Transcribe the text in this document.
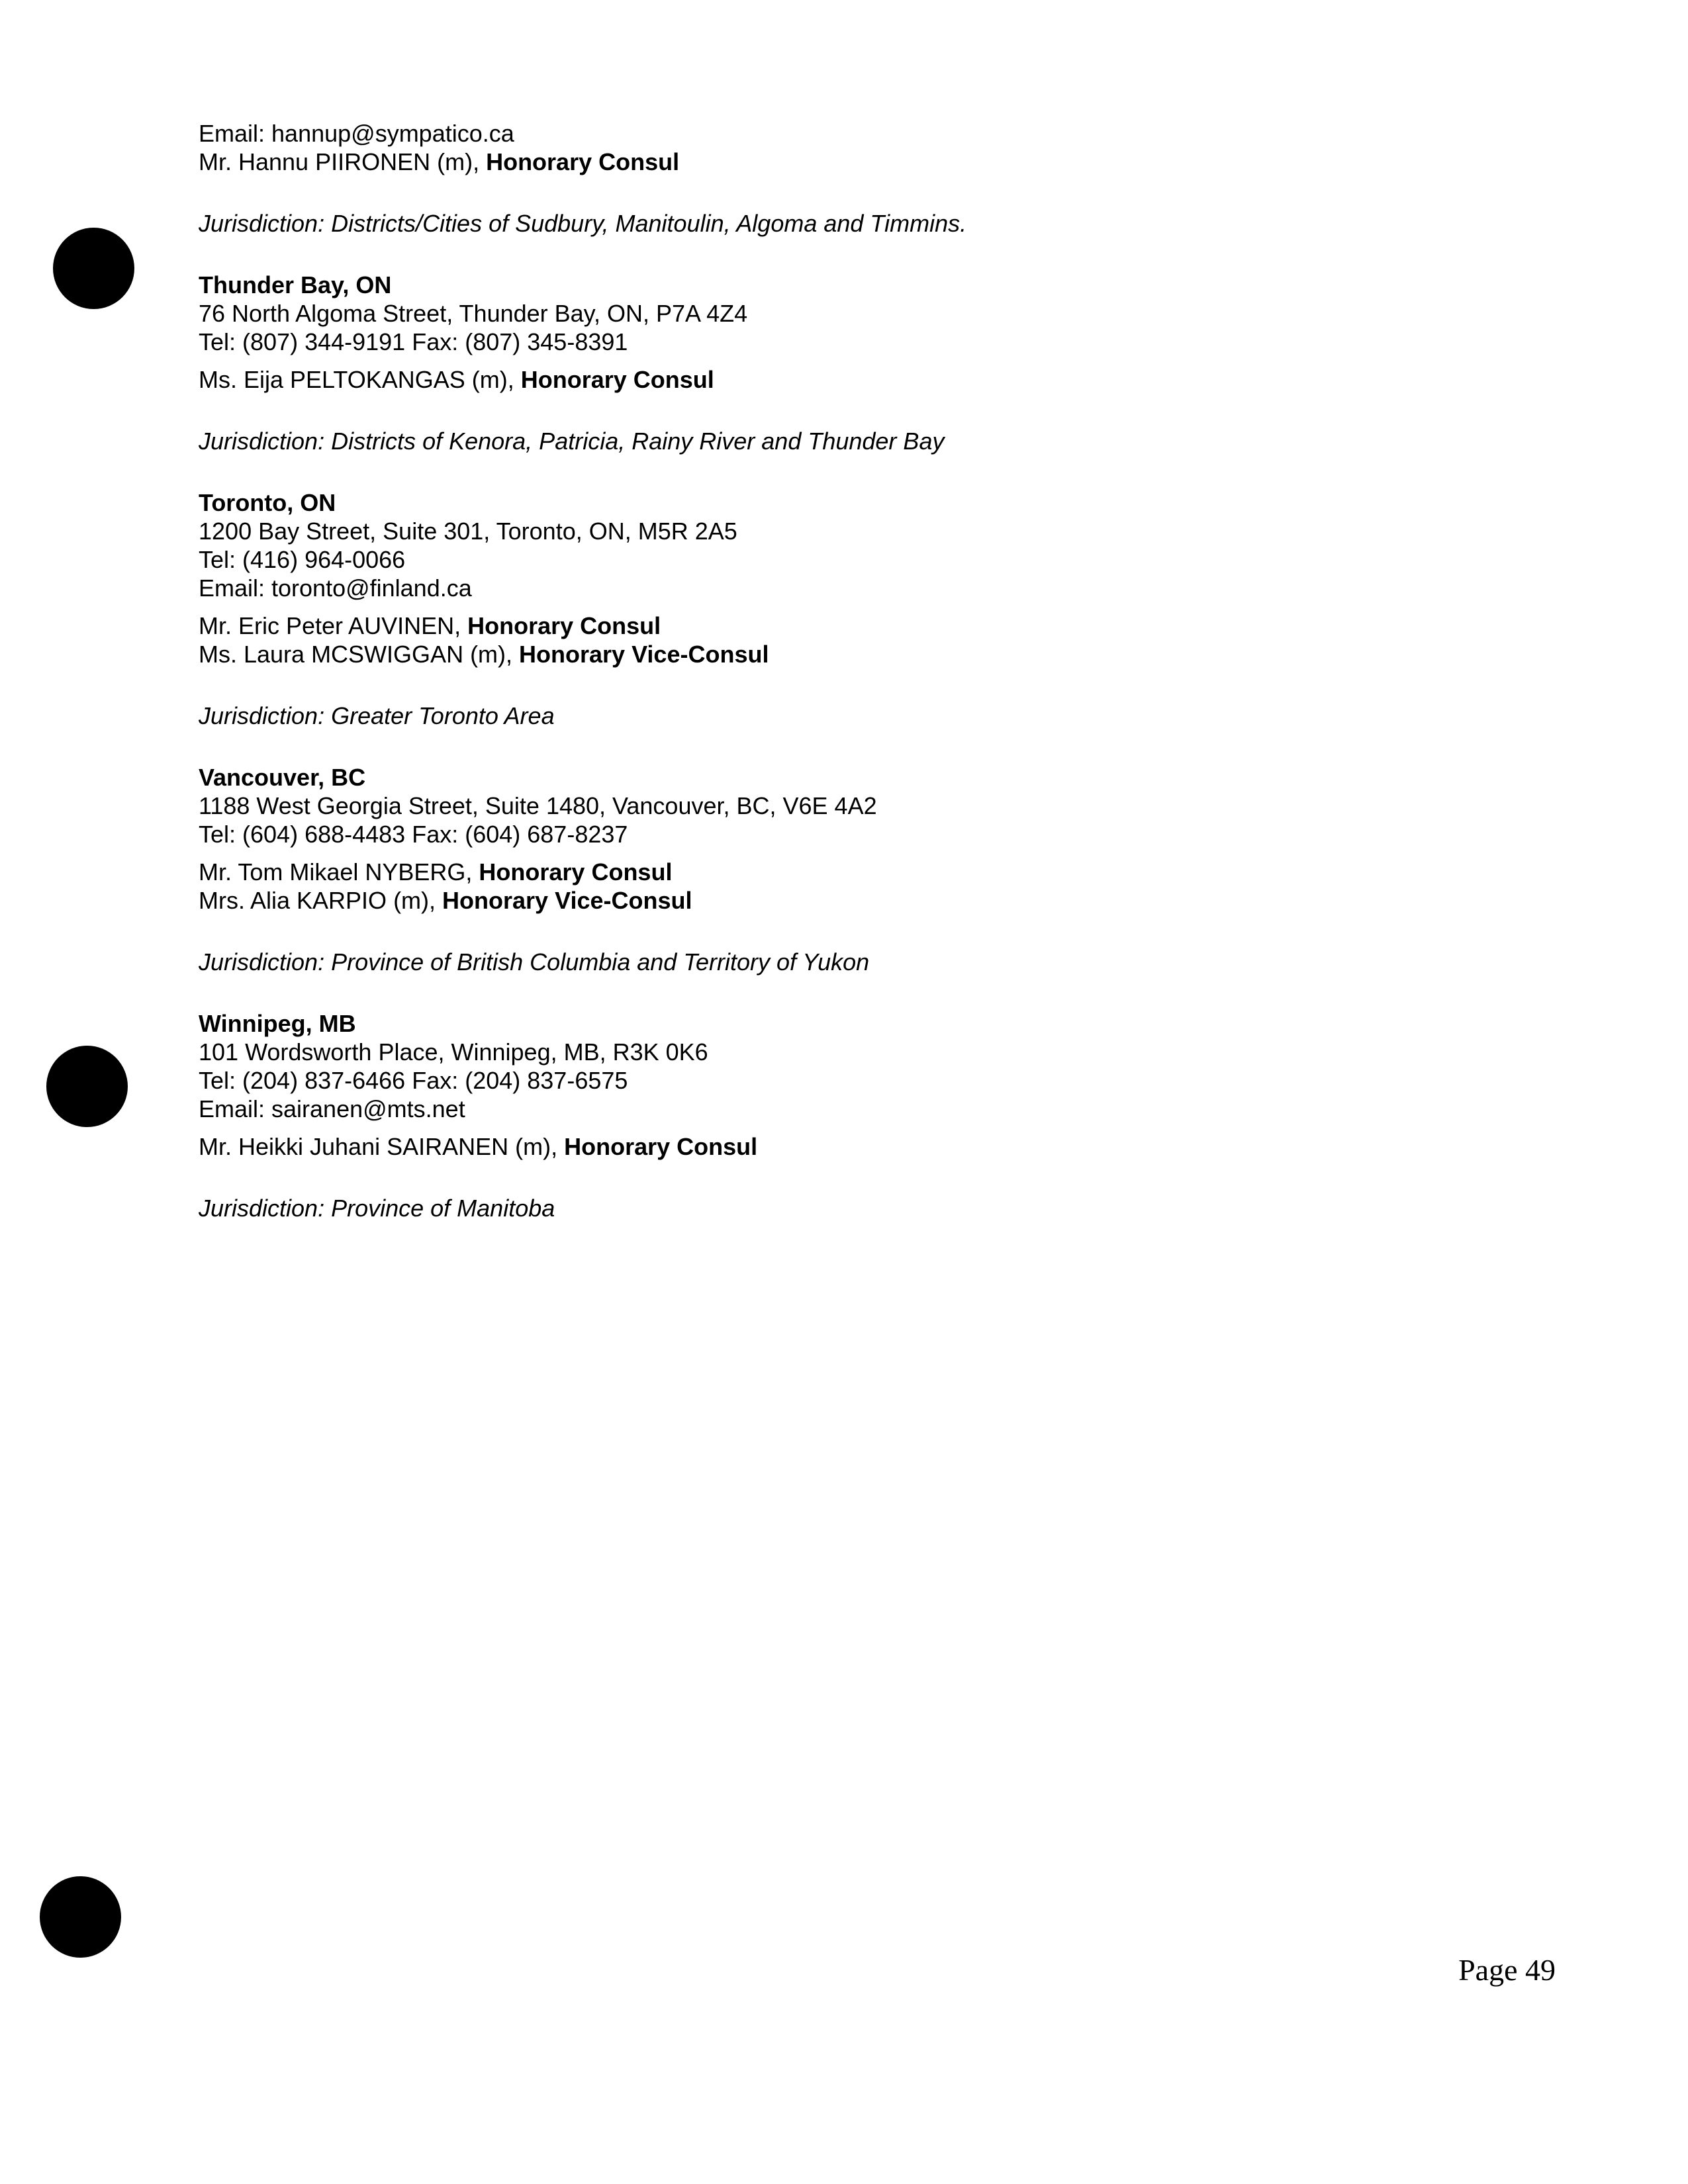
Email: hannup@sympatico.ca
Mr. Hannu PIIRONEN (m), Honorary Consul
Jurisdiction: Districts/Cities of Sudbury, Manitoulin, Algoma and Timmins.
Thunder Bay, ON
76 North Algoma Street, Thunder Bay, ON, P7A 4Z4
Tel: (807) 344-9191 Fax: (807) 345-8391
Ms. Eija PELTOKANGAS (m), Honorary Consul
Jurisdiction: Districts of Kenora, Patricia, Rainy River and Thunder Bay
Toronto, ON
1200 Bay Street, Suite 301, Toronto, ON, M5R 2A5
Tel: (416) 964-0066
Email: toronto@finland.ca
Mr. Eric Peter AUVINEN, Honorary Consul
Ms. Laura MCSWIGGAN (m), Honorary Vice-Consul
Jurisdiction: Greater Toronto Area
Vancouver, BC
1188 West Georgia Street, Suite 1480, Vancouver, BC, V6E 4A2
Tel: (604) 688-4483 Fax: (604) 687-8237
Mr. Tom Mikael NYBERG, Honorary Consul
Mrs. Alia KARPIO (m), Honorary Vice-Consul
Jurisdiction: Province of British Columbia and Territory of Yukon
Winnipeg, MB
101 Wordsworth Place, Winnipeg, MB, R3K 0K6
Tel: (204) 837-6466 Fax: (204) 837-6575
Email: sairanen@mts.net
Mr. Heikki Juhani SAIRANEN (m), Honorary Consul
Jurisdiction: Province of Manitoba
Page 49
